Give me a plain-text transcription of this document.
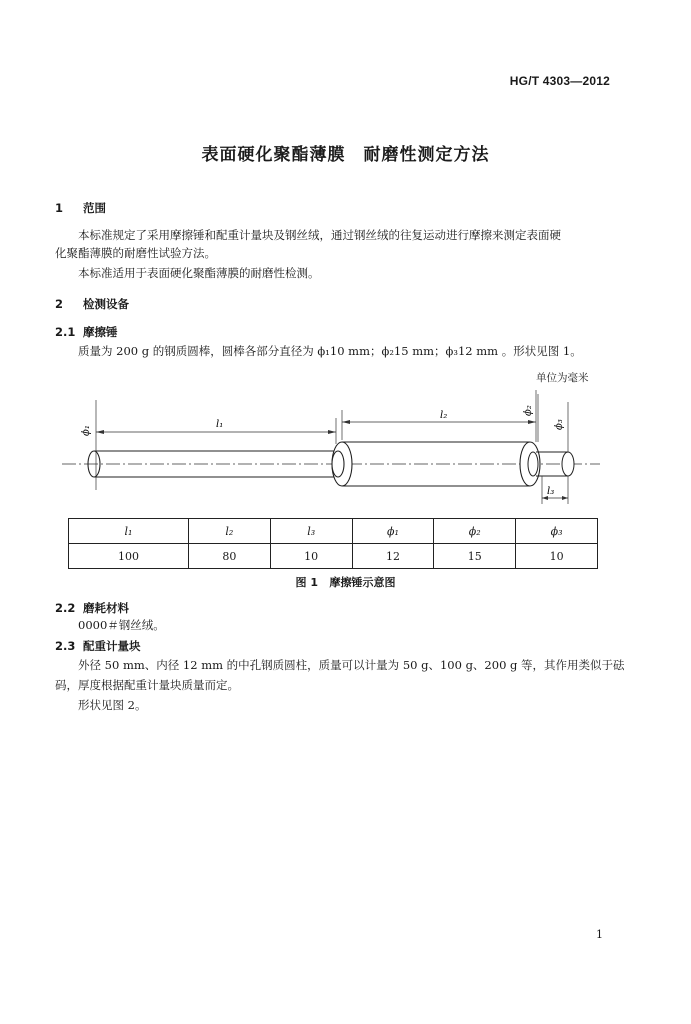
HG/T 4303—2012
表面硬化聚酯薄膜　耐磨性测定方法
1 范围
本标准规定了采用摩擦锤和配重计量块及钢丝绒，通过钢丝绒的往复运动进行摩擦来测定表面硬
化聚酯薄膜的耐磨性试验方法。
本标准适用于表面硬化聚酯薄膜的耐磨性检测。
2 检测设备
2.1 摩擦锤
质量为 200 g 的钢质圆棒，圆棒各部分直径为 ϕ₁10 mm；ϕ₂15 mm；ϕ₃12 mm 。形状见图 1。
单位为毫米
l₁
l₂
l₃
ϕ₁
ϕ₂
ϕ₃
l₁	l₂	l₃	ϕ₁	ϕ₂	ϕ₃
100	80	10	12	15	10
图 1 摩擦锤示意图
2.2 磨耗材料
0000＃钢丝绒。
2.3 配重计量块
外径 50 mm、内径 12 mm 的中孔钢质圆柱，质量可以计量为 50 g、100 g、200 g 等，其作用类似于砝
码，厚度根据配重计量块质量而定。
形状见图 2。
1
